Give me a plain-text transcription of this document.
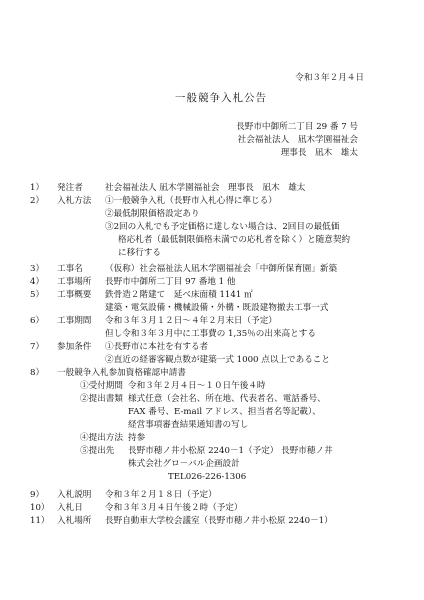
令和３年２月４日
一般競争入札公告
長野市中御所二丁目 29 番 7 号
社会福祉法人　凪木学園福祉会
理事長　凪木　雄太
1） 発注者	社会福祉法人 凪木学園福祉会　理事長　凪木　雄太
2） 入札方法 ①一般競争入札（長野市入札心得に準じる）
②最低制限価格設定あり
③2回の入札でも予定価格に達しない場合は、2回目の最低価
格応札者（最低制限価格未満での応札者を除く）と随意契約
に移行する
3） 工事名	（仮称）社会福祉法人凪木学園福祉会「中御所保育園」新築
4） 工事場所 長野市中御所二丁目 97 番地 1 他
5） 工事概要 鉄骨造２階建て　延べ床面積 1141 ㎡
建築・電気設備・機械設備・外構・既設建物撤去工事一式
6） 工事期間 令和３年３月１２日～４年２月末日（予定）
但し令和３年３月中に工事費の 1,35％の出来高とする
7） 参加条件 ①長野市に本社を有する者
②直近の経審客観点数が建築一式 1000 点以上であること
8） 一般競争入札参加資格確認申請書
①受付期間 令和３年２月４日～１０日午後４時
②提出書類 様式任意（会社名、所在地、代表者名、電話番号、
FAX 番号、E-mail アドレス、担当者名等記載）、
経営事項審査結果通知書の写し
④提出方法 持参
⑤提出先 長野市穂ノ井小松原 2240－1（予定） 長野市穂ノ井
株式会社グロ－バル企画設計
TEL026-226-1306
9） 入札説明 令和３年２月１８日（予定）
10） 入札日	令和３年３月４日午後２時（予定）
11） 入札場所 長野自動車大学校会議室（長野市穂ノ井小松原 2240－1）
